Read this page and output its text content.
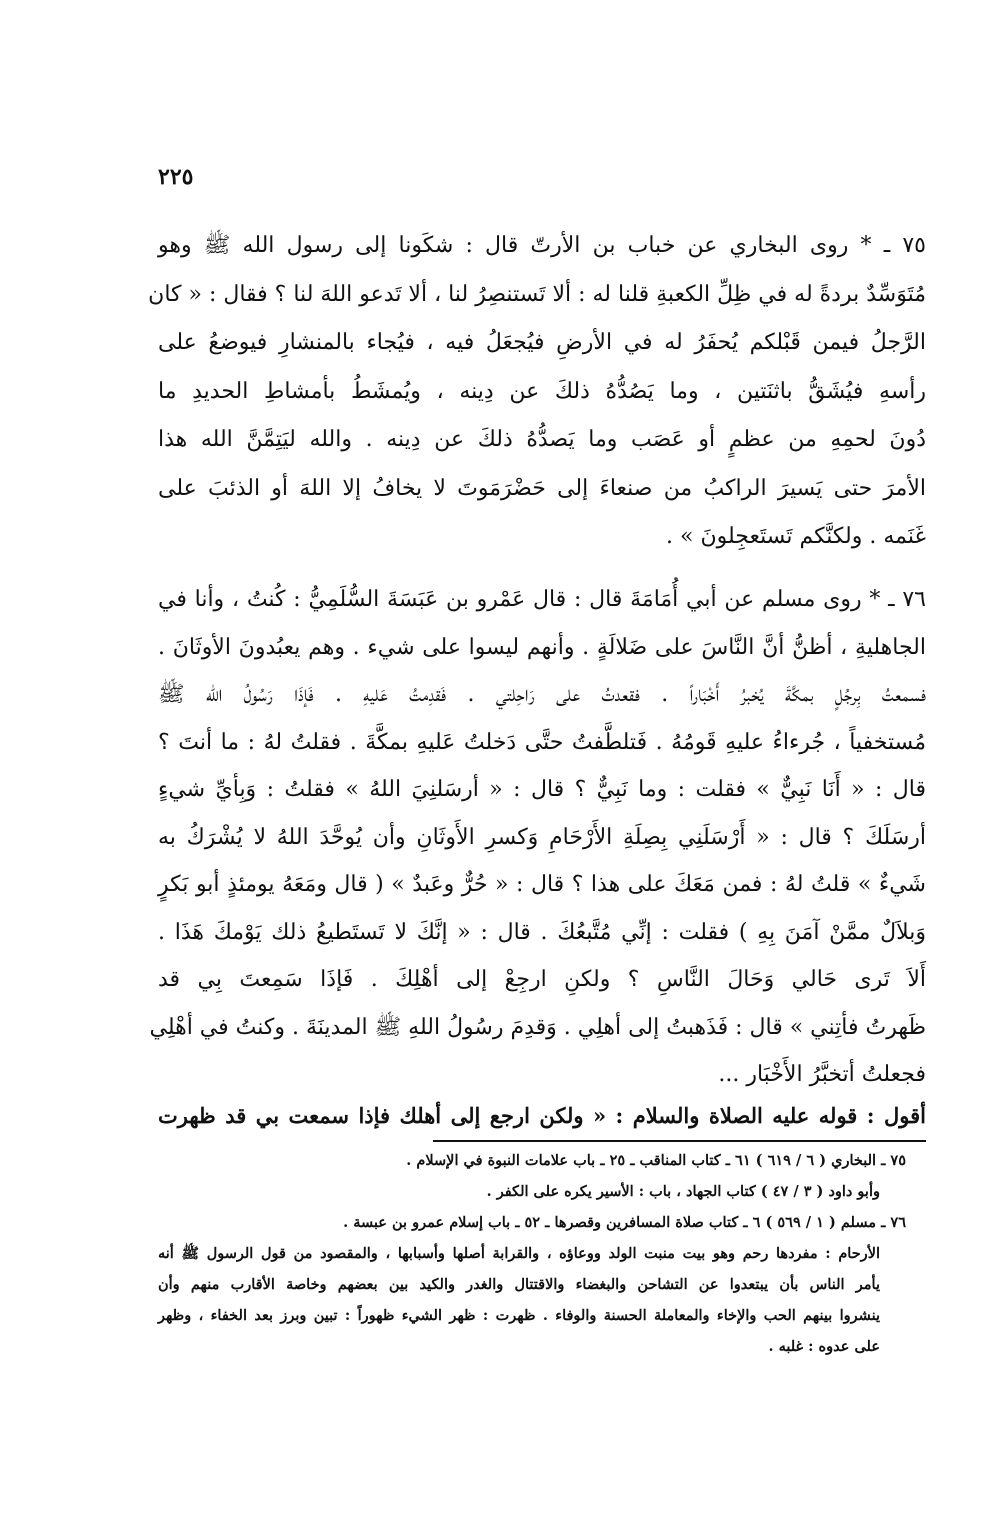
٢٢٥
٧٥ ـ * روى البخاري عن خباب بن الأرتّ قال : شكَونا إلى رسول الله ﷺ وهو
مُتَوَسِّدٌ بردةً له في ظِلِّ الكعبةِ قلنا له : ألا تَستنصِرُ لنا ، ألا تَدعو اللهَ لنا ؟ فقال : « كان
الرَّجلُ فيمن قَبْلكم يُحفَرُ له في الأرضِ فيُجعَلُ فيه ، فيُجاء بالمنشارِ فيوضعُ على
رأسهِ فيُشَقُّ باثنَتين ، وما يَصُدُّهُ ذلكَ عن دِينه ، ويُمشَطُ بأمشاطِ الحديدِ ما
دُونَ لحمِهِ من عظمٍ أو عَصَب وما يَصدُّهُ ذلكَ عن دِينه . والله ليَتِمَّنَّ الله هذا
الأمرَ حتى يَسيرَ الراكبُ من صنعاءَ إلى حَضْرَمَوتَ لا يخافُ إلا اللهَ أو الذئبَ على
غَنَمه . ولكنَّكم تَستَعجِلونَ » .
٧٦ ـ * روى مسلم عن أبي أُمَامَةَ قال : قال عَمْرو بن عَبَسَةَ السُّلَمِيُّ : كُنتُ ، وأنا في
الجاهليةِ ، أظنُّ أنَّ النَّاسَ على ضَلالَةٍ . وأنهم ليسوا على شيء . وهم يعبُدونَ الأوثَانَ .
فسمعتُ بِرجُلٍ بمكَّةَ يُخبرُ أَخْبَاراً . فقعدتُ على رَاحِلتي . فَقدِمتُ عَليهِ . فَإذَا رَسُولُ الله ﷺ
مُستخفياً ، جُرءاءُ عليهِ قَومُهُ . فَتلطَّفتُ حتَّى دَخلتُ عَليهِ بمكَّةَ . فقلتُ لهُ : ما أنتَ ؟
قال : « أَنَا نَبِيٌّ » فقلت : وما نَبِيٌّ ؟ قال : « أرسَلنِيَ اللهُ » فقلتُ : وَبِأيِّ شيءٍ
أرسَلَكَ ؟ قال : « أَرْسَلَنِي بِصِلَةِ الأَرْحَامِ وَكسرِ الأَوثَانِ وأن يُوحَّدَ اللهُ لا يُشْرَكُ به
شَيءٌ » قلتُ لهُ : فمن مَعَكَ على هذا ؟ قال : « حُرٌّ وعَبدٌ » ( قال ومَعَهُ يومئذٍ أبو بَكرٍ
وَبلاَلٌ ممَّنْ آمَنَ بِهِ ) فقلت : إنِّي مُتَّبعُكَ . قال : « إنَّكَ لا تَستَطيعُ ذلك يَوْمكَ هَذَا .
أَلاَ تَرى حَالي وَحَالَ النَّاسِ ؟ ولكنِ ارجِعْ إلى أهْلِكَ . فَإذَا سَمِعتَ بِي قد
ظَهرتُ فأتِني » قال : فَذَهبتُ إلى أهلِي . وَقدِمَ رسُولُ اللهِ ﷺ المدينَةَ . وكنتُ في أهْلِي
فجعلتُ أتخبَّرُ الأَخْبَار ...
أقول : قوله عليه الصلاة والسلام : « ولكن ارجع إلى أهلك فإذا سمعت بي قد ظهرت
٧٥ ـ البخاري ( ٦ / ٦١٩ ) ٦١ ـ كتاب المناقب ـ ٢٥ ـ باب علامات النبوة في الإسلام .
وأبو داود ( ٣ / ٤٧ ) كتاب الجهاد ، باب : الأسير يكره على الكفر .
٧٦ ـ مسلم ( ١ / ٥٦٩ ) ٦ ـ كتاب صلاة المسافرين وقصرها ـ ٥٢ ـ باب إسلام عمرو بن عبسة .
الأرحام : مفردها رحم وهو بيت منبت الولد ووعاؤه ، والقرابة أصلها وأسبابها ، والمقصود من قول الرسول ﷺ أنه
يأمر الناس بأن يبتعدوا عن التشاحن والبغضاء والاقتتال والغدر والكيد بين بعضهم وخاصة الأقارب منهم وأن
ينشروا بينهم الحب والإخاء والمعاملة الحسنة والوفاء . ظهرت : ظهر الشيء ظهوراً : تبين وبرز بعد الخفاء ، وظهر
على عدوه : غلبه .
